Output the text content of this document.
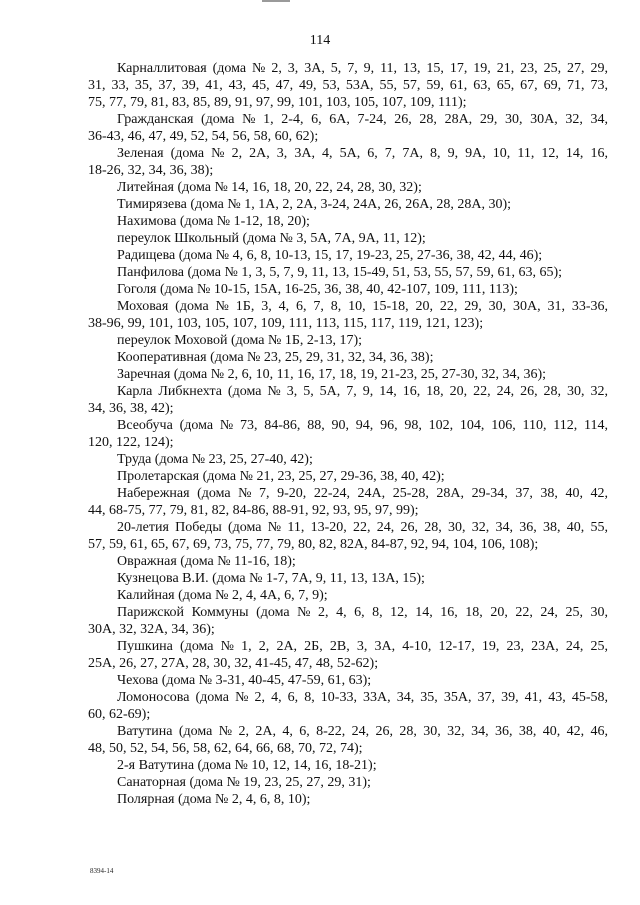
114
Карналлитовая (дома № 2, 3, 3А, 5, 7, 9, 11, 13, 15, 17, 19, 21, 23, 25, 27, 29,
31, 33, 35, 37, 39, 41, 43, 45, 47, 49, 53, 53А, 55, 57, 59, 61, 63, 65, 67, 69, 71, 73,
75, 77, 79, 81, 83, 85, 89, 91, 97, 99, 101, 103, 105, 107, 109, 111);
Гражданская (дома № 1, 2-4, 6, 6А, 7-24, 26, 28, 28А, 29, 30, 30А, 32, 34,
36-43, 46, 47, 49, 52, 54, 56, 58, 60, 62);
Зеленая (дома № 2, 2А, 3, 3А, 4, 5А, 6, 7, 7А, 8, 9, 9А, 10, 11, 12, 14, 16,
18-26, 32, 34, 36, 38);
Литейная (дома № 14, 16, 18, 20, 22, 24, 28, 30, 32);
Тимирязева (дома № 1, 1А, 2, 2А, 3-24, 24А, 26, 26А, 28, 28А, 30);
Нахимова (дома № 1-12, 18, 20);
переулок Школьный (дома № 3, 5А, 7А, 9А, 11, 12);
Радищева (дома № 4, 6, 8, 10-13, 15, 17, 19-23, 25, 27-36, 38, 42, 44, 46);
Панфилова (дома № 1, 3, 5, 7, 9, 11, 13, 15-49, 51, 53, 55, 57, 59, 61, 63, 65);
Гоголя (дома № 10-15, 15А, 16-25, 36, 38, 40, 42-107, 109, 111, 113);
Моховая (дома № 1Б, 3, 4, 6, 7, 8, 10, 15-18, 20, 22, 29, 30, 30А, 31, 33-36,
38-96, 99, 101, 103, 105, 107, 109, 111, 113, 115, 117, 119, 121, 123);
переулок Моховой (дома № 1Б, 2-13, 17);
Кооперативная (дома № 23, 25, 29, 31, 32, 34, 36, 38);
Заречная (дома № 2, 6, 10, 11, 16, 17, 18, 19, 21-23, 25, 27-30, 32, 34, 36);
Карла Либкнехта (дома № 3, 5, 5А, 7, 9, 14, 16, 18, 20, 22, 24, 26, 28, 30, 32,
34, 36, 38, 42);
Всеобуча (дома № 73, 84-86, 88, 90, 94, 96, 98, 102, 104, 106, 110, 112, 114,
120, 122, 124);
Труда (дома № 23, 25, 27-40, 42);
Пролетарская (дома № 21, 23, 25, 27, 29-36, 38, 40, 42);
Набережная (дома № 7, 9-20, 22-24, 24А, 25-28, 28А, 29-34, 37, 38, 40, 42,
44, 68-75, 77, 79, 81, 82, 84-86, 88-91, 92, 93, 95, 97, 99);
20-летия Победы (дома № 11, 13-20, 22, 24, 26, 28, 30, 32, 34, 36, 38, 40, 55,
57, 59, 61, 65, 67, 69, 73, 75, 77, 79, 80, 82, 82А, 84-87, 92, 94, 104, 106, 108);
Овражная (дома № 11-16, 18);
Кузнецова В.И. (дома № 1-7, 7А, 9, 11, 13, 13А, 15);
Калийная (дома № 2, 4, 4А, 6, 7, 9);
Парижской Коммуны (дома № 2, 4, 6, 8, 12, 14, 16, 18, 20, 22, 24, 25, 30,
30А, 32, 32А, 34, 36);
Пушкина (дома № 1, 2, 2А, 2Б, 2В, 3, 3А, 4-10, 12-17, 19, 23, 23А, 24, 25,
25А, 26, 27, 27А, 28, 30, 32, 41-45, 47, 48, 52-62);
Чехова (дома № 3-31, 40-45, 47-59, 61, 63);
Ломоносова (дома № 2, 4, 6, 8, 10-33, 33А, 34, 35, 35А, 37, 39, 41, 43, 45-58,
60, 62-69);
Ватутина (дома № 2, 2А, 4, 6, 8-22, 24, 26, 28, 30, 32, 34, 36, 38, 40, 42, 46,
48, 50, 52, 54, 56, 58, 62, 64, 66, 68, 70, 72, 74);
2-я Ватутина (дома № 10, 12, 14, 16, 18-21);
Санаторная (дома № 19, 23, 25, 27, 29, 31);
Полярная (дома № 2, 4, 6, 8, 10);
8394-14
